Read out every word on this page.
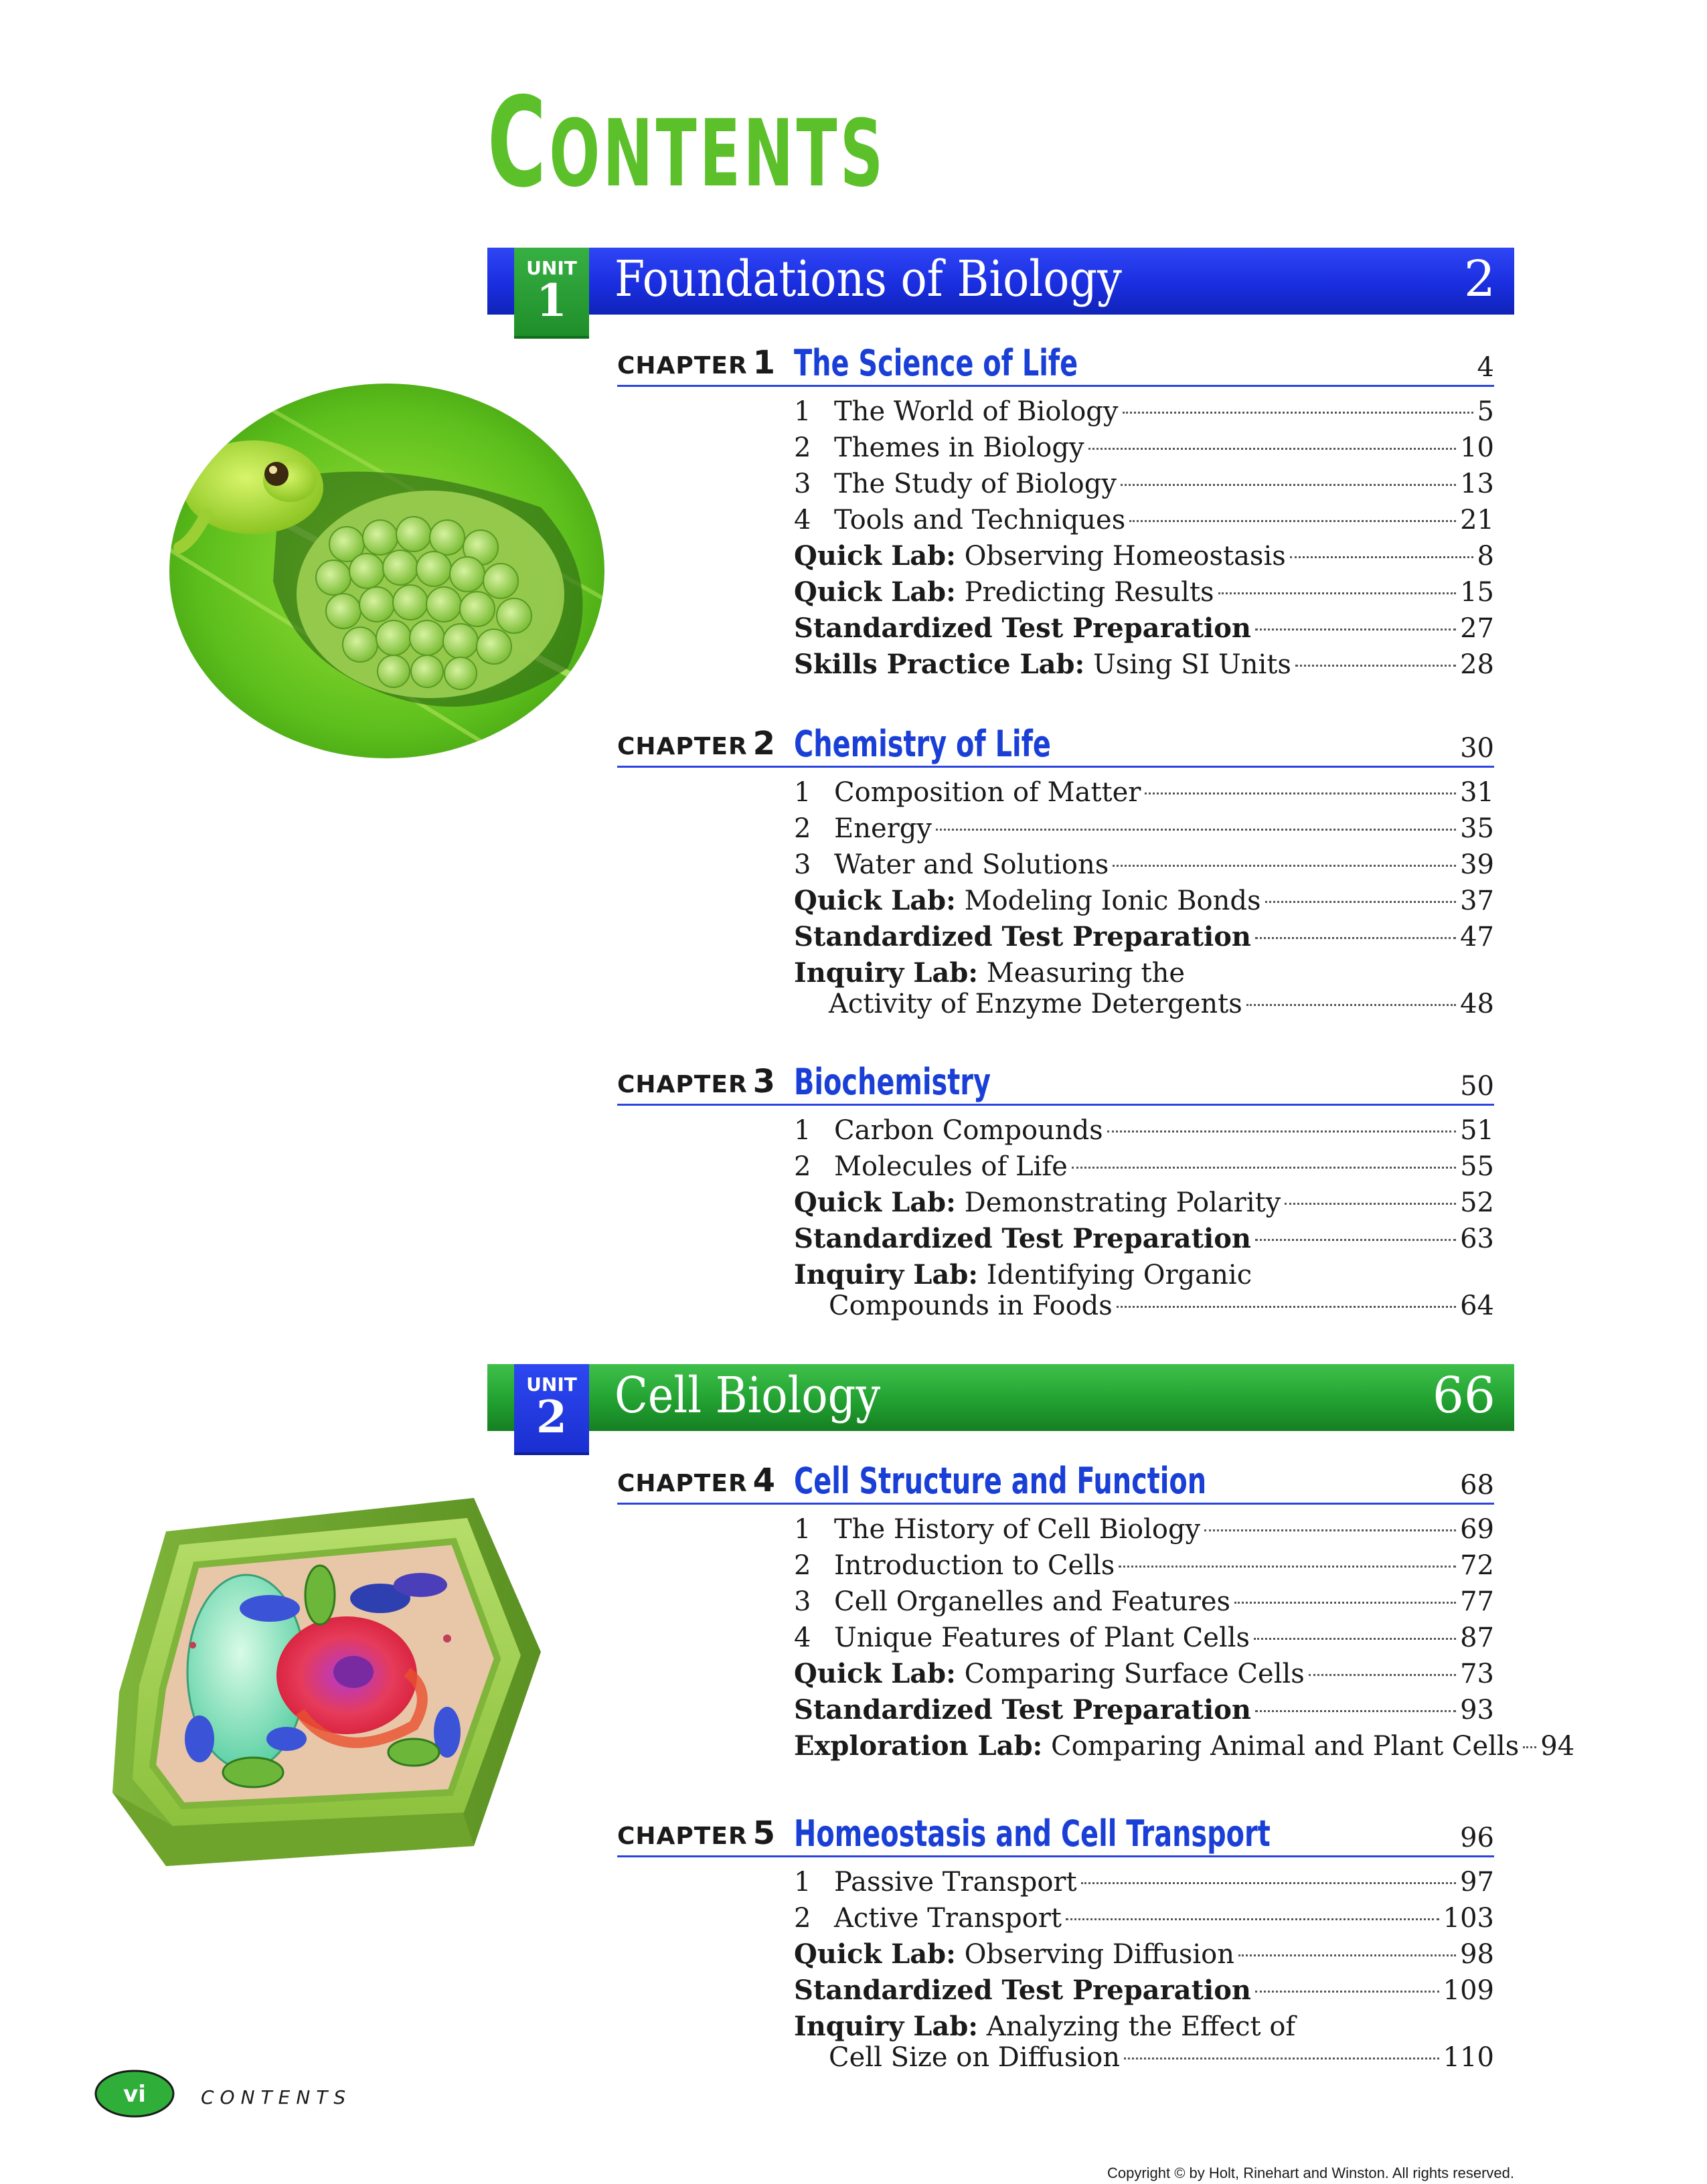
CONTENTS
UNIT
1 Foundations of Biology	2
CHAPTER 1 The Science of Life	4
1 The World of Biology	5
2 Themes in Biology	10
3 The Study of Biology	13
4 Tools and Techniques	21
Quick Lab: Observing Homeostasis	8
Quick Lab: Predicting Results	15
Standardized Test Preparation	27
Skills Practice Lab: Using SI Units	28
CHAPTER 2 Chemistry of Life	30
1 Composition of Matter	31
2 Energy	35
3 Water and Solutions	39
Quick Lab: Modeling Ionic Bonds	37
Standardized Test Preparation	47
Inquiry Lab: Measuring the
Activity of Enzyme Detergents	48
CHAPTER 3 Biochemistry	50
1 Carbon Compounds	51
2 Molecules of Life	55
Quick Lab: Demonstrating Polarity	52
Standardized Test Preparation	63
Inquiry Lab: Identifying Organic
Compounds in Foods	64
UNIT
2 Cell Biology	66
CHAPTER 4 Cell Structure and Function	68
1 The History of Cell Biology	69
2 Introduction to Cells	72
3 Cell Organelles and Features	77
4 Unique Features of Plant Cells	87
Quick Lab: Comparing Surface Cells	73
Standardized Test Preparation	93
Exploration Lab: Comparing Animal and Plant Cells 94
CHAPTER 5 Homeostasis and Cell Transport	96
1 Passive Transport	97
2 Active Transport	103
Quick Lab: Observing Diffusion	98
Standardized Test Preparation	109
Inquiry Lab: Analyzing the Effect of
Cell Size on Diffusion	110
vi	CONTENTS
Copyright © by Holt, Rinehart and Winston. All rights reserved.
